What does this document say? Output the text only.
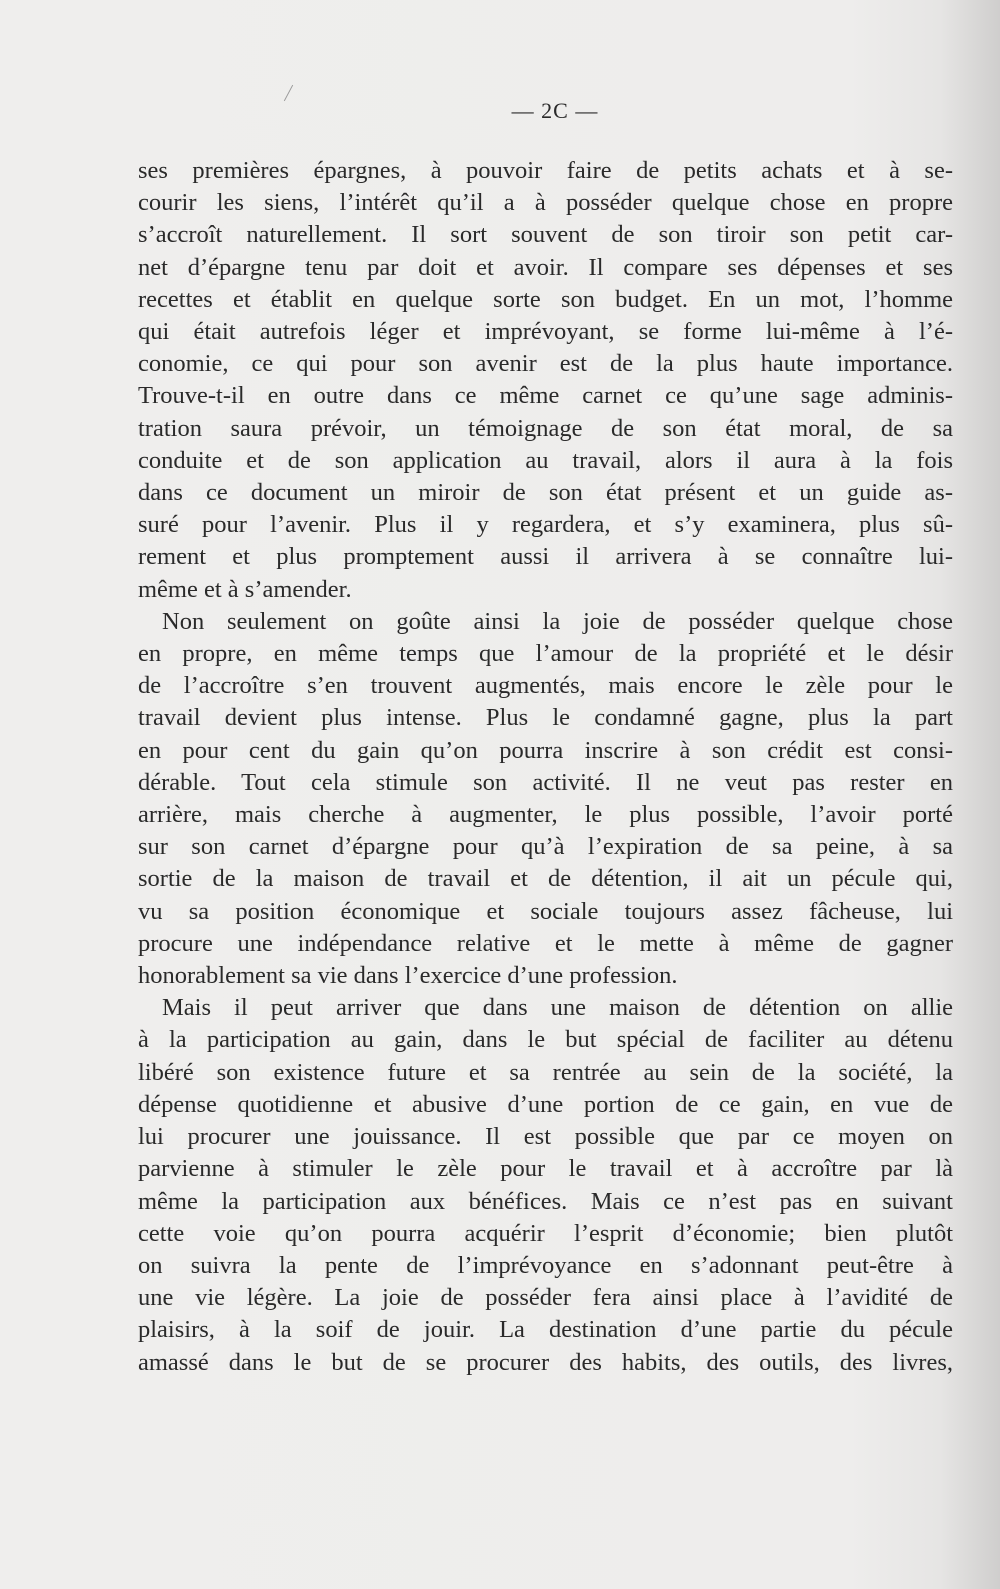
— 2C —
ses premières épargnes, à pouvoir faire de petits achats et à se-
courir les siens, l’intérêt qu’il a à posséder quelque chose en propre
s’accroît naturellement. Il sort souvent de son tiroir son petit car-
net d’épargne tenu par doit et avoir. Il compare ses dépenses et ses
recettes et établit en quelque sorte son budget. En un mot, l’homme
qui était autrefois léger et imprévoyant, se forme lui-même à l’é-
conomie, ce qui pour son avenir est de la plus haute importance.
Trouve-t-il en outre dans ce même carnet ce qu’une sage adminis-
tration saura prévoir, un témoignage de son état moral, de sa
conduite et de son application au travail, alors il aura à la fois
dans ce document un miroir de son état présent et un guide as-
suré pour l’avenir. Plus il y regardera, et s’y examinera, plus sû-
rement et plus promptement aussi il arrivera à se connaître lui-
même et à s’amender.
Non seulement on goûte ainsi la joie de posséder quelque chose
en propre, en même temps que l’amour de la propriété et le désir
de l’accroître s’en trouvent augmentés, mais encore le zèle pour le
travail devient plus intense. Plus le condamné gagne, plus la part
en pour cent du gain qu’on pourra inscrire à son crédit est consi-
dérable. Tout cela stimule son activité. Il ne veut pas rester en
arrière, mais cherche à augmenter, le plus possible, l’avoir porté
sur son carnet d’épargne pour qu’à l’expiration de sa peine, à sa
sortie de la maison de travail et de détention, il ait un pécule qui,
vu sa position économique et sociale toujours assez fâcheuse, lui
procure une indépendance relative et le mette à même de gagner
honorablement sa vie dans l’exercice d’une profession.
Mais il peut arriver que dans une maison de détention on allie
à la participation au gain, dans le but spécial de faciliter au détenu
libéré son existence future et sa rentrée au sein de la société, la
dépense quotidienne et abusive d’une portion de ce gain, en vue de
lui procurer une jouissance. Il est possible que par ce moyen on
parvienne à stimuler le zèle pour le travail et à accroître par là
même la participation aux bénéfices. Mais ce n’est pas en suivant
cette voie qu’on pourra acquérir l’esprit d’économie; bien plutôt
on suivra la pente de l’imprévoyance en s’adonnant peut-être à
une vie légère. La joie de posséder fera ainsi place à l’avidité de
plaisirs, à la soif de jouir. La destination d’une partie du pécule
amassé dans le but de se procurer des habits, des outils, des livres,
